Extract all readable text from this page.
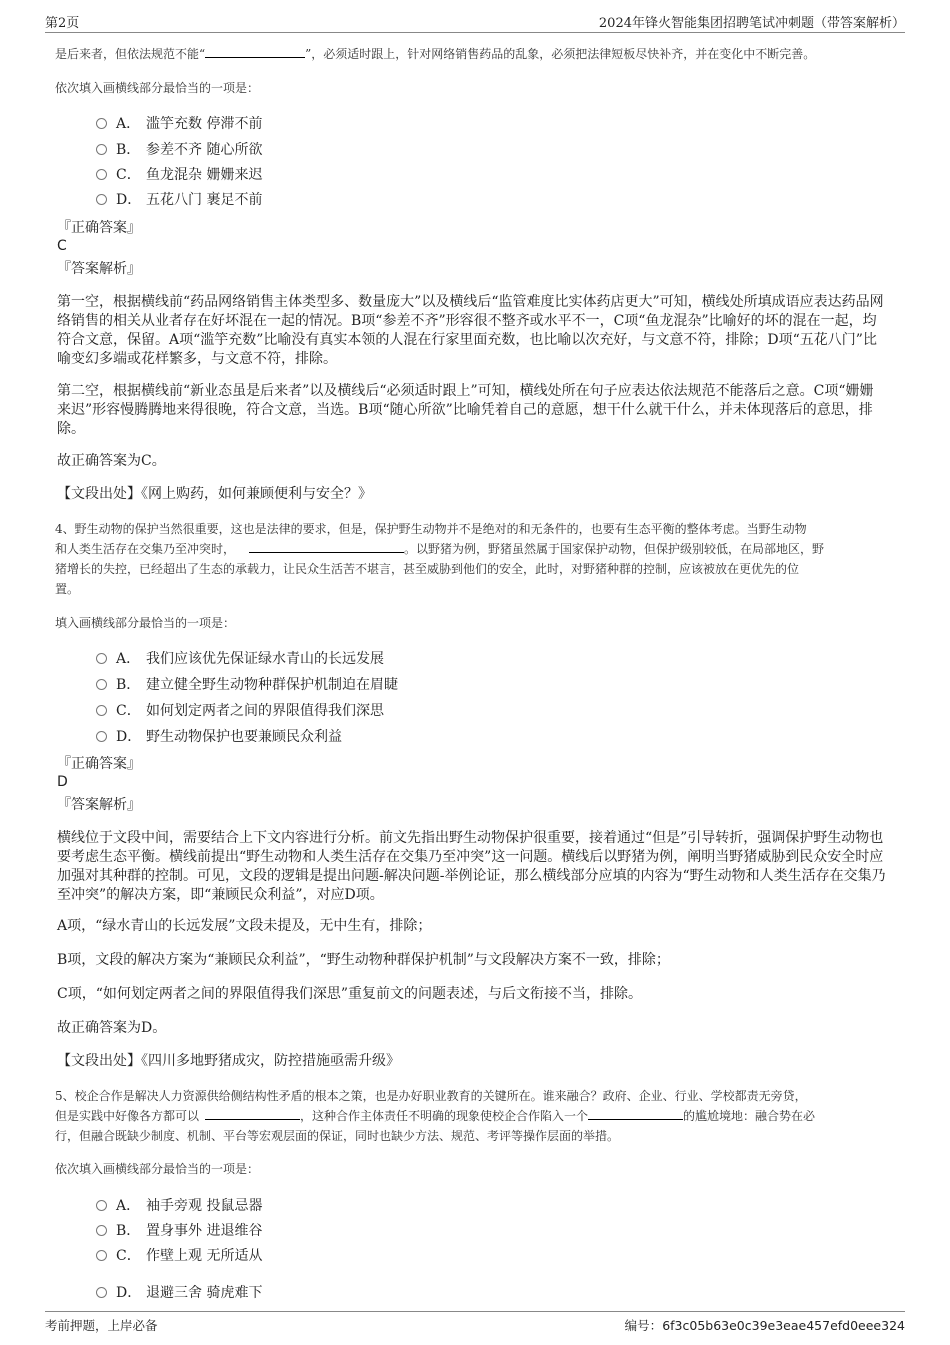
第2页	2024年锋火智能集团招聘笔试冲刺题（带答案解析）
是后来者，但依法规范不能“	”，必须适时跟上，针对网络销售药品的乱象，必须把法律短板尽快补齐，并在变化中不断完善。
依次填入画横线部分最恰当的一项是：
A． 滥竽充数 停滞不前
B． 参差不齐 随心所欲
C． 鱼龙混杂 姗姗来迟
D． 五花八门 裹足不前
『正确答案』
C
『答案解析』
第一空，根据横线前“药品网络销售主体类型多、数量庞大”以及横线后“监管难度比实体药店更大”可知，横线处所填成语应表达药品网络销售的相关从业者存在好坏混在一起的情况。B项“参差不齐”形容很不整齐或水平不一，C项“鱼龙混杂”比喻好的坏的混在一起，均符合文意，保留。A项“滥竽充数”比喻没有真实本领的人混在行家里面充数，也比喻以次充好，与文意不符，排除；D项“五花八门”比喻变幻多端或花样繁多，与文意不符，排除。
第二空，根据横线前“新业态虽是后来者”以及横线后“必须适时跟上”可知，横线处所在句子应表达依法规范不能落后之意。C项“姗姗来迟”形容慢腾腾地来得很晚，符合文意，当选。B项“随心所欲”比喻凭着自己的意愿，想干什么就干什么，并未体现落后的意思，排除。
故正确答案为C。
【文段出处】《网上购药，如何兼顾便利与安全？》
4、野生动物的保护当然很重要，这也是法律的要求，但是，保护野生动物并不是绝对的和无条件的，也要有生态平衡的整体考虑。当野生动物
和人类生活存在交集乃至冲突时，	。以野猪为例，野猪虽然属于国家保护动物，但保护级别较低，在局部地区，野
猪增长的失控，已经超出了生态的承载力，让民众生活苦不堪言，甚至威胁到他们的安全，此时，对野猪种群的控制，应该被放在更优先的位
置。
填入画横线部分最恰当的一项是：
A． 我们应该优先保证绿水青山的长远发展
B． 建立健全野生动物种群保护机制迫在眉睫
C． 如何划定两者之间的界限值得我们深思
D． 野生动物保护也要兼顾民众利益
『正确答案』
D
『答案解析』
横线位于文段中间，需要结合上下文内容进行分析。前文先指出野生动物保护很重要，接着通过“但是”引导转折，强调保护野生动物也要考虑生态平衡。横线前提出“野生动物和人类生活存在交集乃至冲突”这一问题。横线后以野猪为例，阐明当野猪威胁到民众安全时应加强对其种群的控制。可见，文段的逻辑是提出问题-解决问题-举例论证，那么横线部分应填的内容为“野生动物和人类生活存在交集乃至冲突”的解决方案，即“兼顾民众利益”，对应D项。
A项，“绿水青山的长远发展”文段未提及，无中生有，排除；
B项，文段的解决方案为“兼顾民众利益”，“野生动物种群保护机制”与文段解决方案不一致，排除；
C项，“如何划定两者之间的界限值得我们深思”重复前文的问题表述，与后文衔接不当，排除。
故正确答案为D。
【文段出处】《四川多地野猪成灾，防控措施亟需升级》
5、校企合作是解决人力资源供给侧结构性矛盾的根本之策，也是办好职业教育的关键所在。谁来融合？政府、企业、行业、学校都责无旁贷，
但是实践中好像各方都可以	，这种合作主体责任不明确的现象使校企合作陷入一个	的尴尬境地：融合势在必
行，但融合既缺少制度、机制、平台等宏观层面的保证，同时也缺少方法、规范、考评等操作层面的举措。
依次填入画横线部分最恰当的一项是：
A． 袖手旁观 投鼠忌器
B． 置身事外 进退维谷
C． 作壁上观 无所适从
D． 退避三舍 骑虎难下
考前押题，上岸必备	编号：6f3c05b63e0c39e3eae457efd0eee324
